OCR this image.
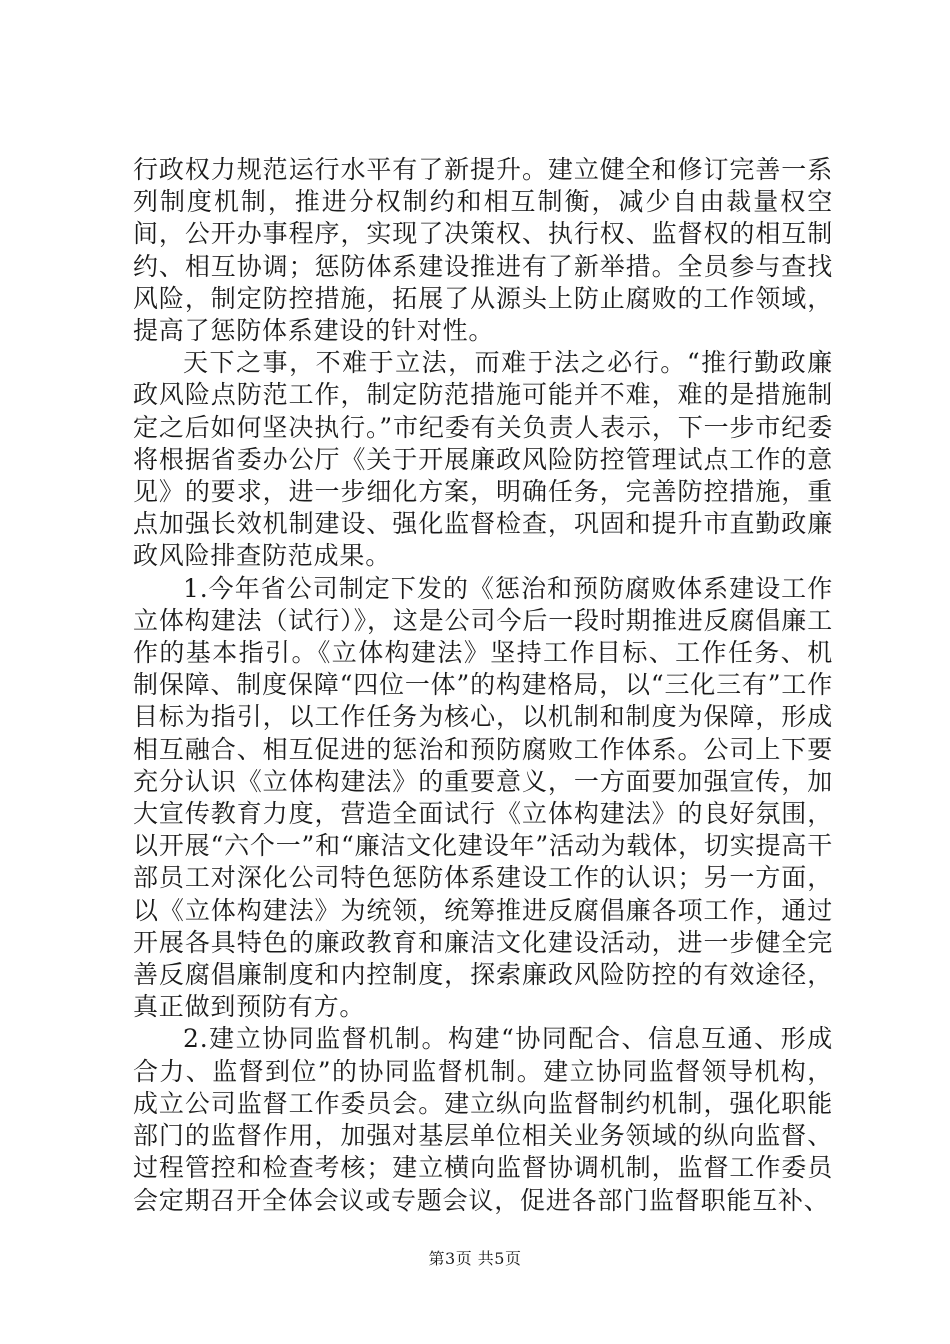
行政权力规范运行水平有了新提升。建立健全和修订完善一系列制度机制，推进分权制约和相互制衡，减少自由裁量权空间，公开办事程序，实现了决策权、执行权、监督权的相互制约、相互协调；惩防体系建设推进有了新举措。全员参与查找风险，制定防控措施，拓展了从源头上防止腐败的工作领域，提高了惩防体系建设的针对性。

天下之事，不难于立法，而难于法之必行。“推行勤政廉政风险点防范工作，制定防范措施可能并不难，难的是措施制定之后如何坚决执行。”市纪委有关负责人表示，下一步市纪委将根据省委办公厅《关于开展廉政风险防控管理试点工作的意见》的要求，进一步细化方案，明确任务，完善防控措施，重点加强长效机制建设、强化监督检查，巩固和提升市直勤政廉政风险排查防范成果。

1.今年省公司制定下发的《惩治和预防腐败体系建设工作立体构建法（试行）》，这是公司今后一段时期推进反腐倡廉工作的基本指引。《立体构建法》坚持工作目标、工作任务、机制保障、制度保障“四位一体”的构建格局，以“三化三有”工作目标为指引，以工作任务为核心，以机制和制度为保障，形成相互融合、相互促进的惩治和预防腐败工作体系。公司上下要充分认识《立体构建法》的重要意义，一方面要加强宣传，加大宣传教育力度，营造全面试行《立体构建法》的良好氛围，以开展“六个一”和“廉洁文化建设年”活动为载体，切实提高干部员工对深化公司特色惩防体系建设工作的认识；另一方面，以《立体构建法》为统领，统筹推进反腐倡廉各项工作，通过开展各具特色的廉政教育和廉洁文化建设活动，进一步健全完善反腐倡廉制度和内控制度，探索廉政风险防控的有效途径，真正做到预防有方。

2.建立协同监督机制。构建“协同配合、信息互通、形成合力、监督到位”的协同监督机制。建立协同监督领导机构，成立公司监督工作委员会。建立纵向监督制约机制，强化职能部门的监督作用，加强对基层单位相关业务领域的纵向监督、过程管控和检查考核；建立横向监督协调机制，监督工作委员会定期召开全体会议或专题会议，促进各部门监督职能互补、

第3页 共5页
